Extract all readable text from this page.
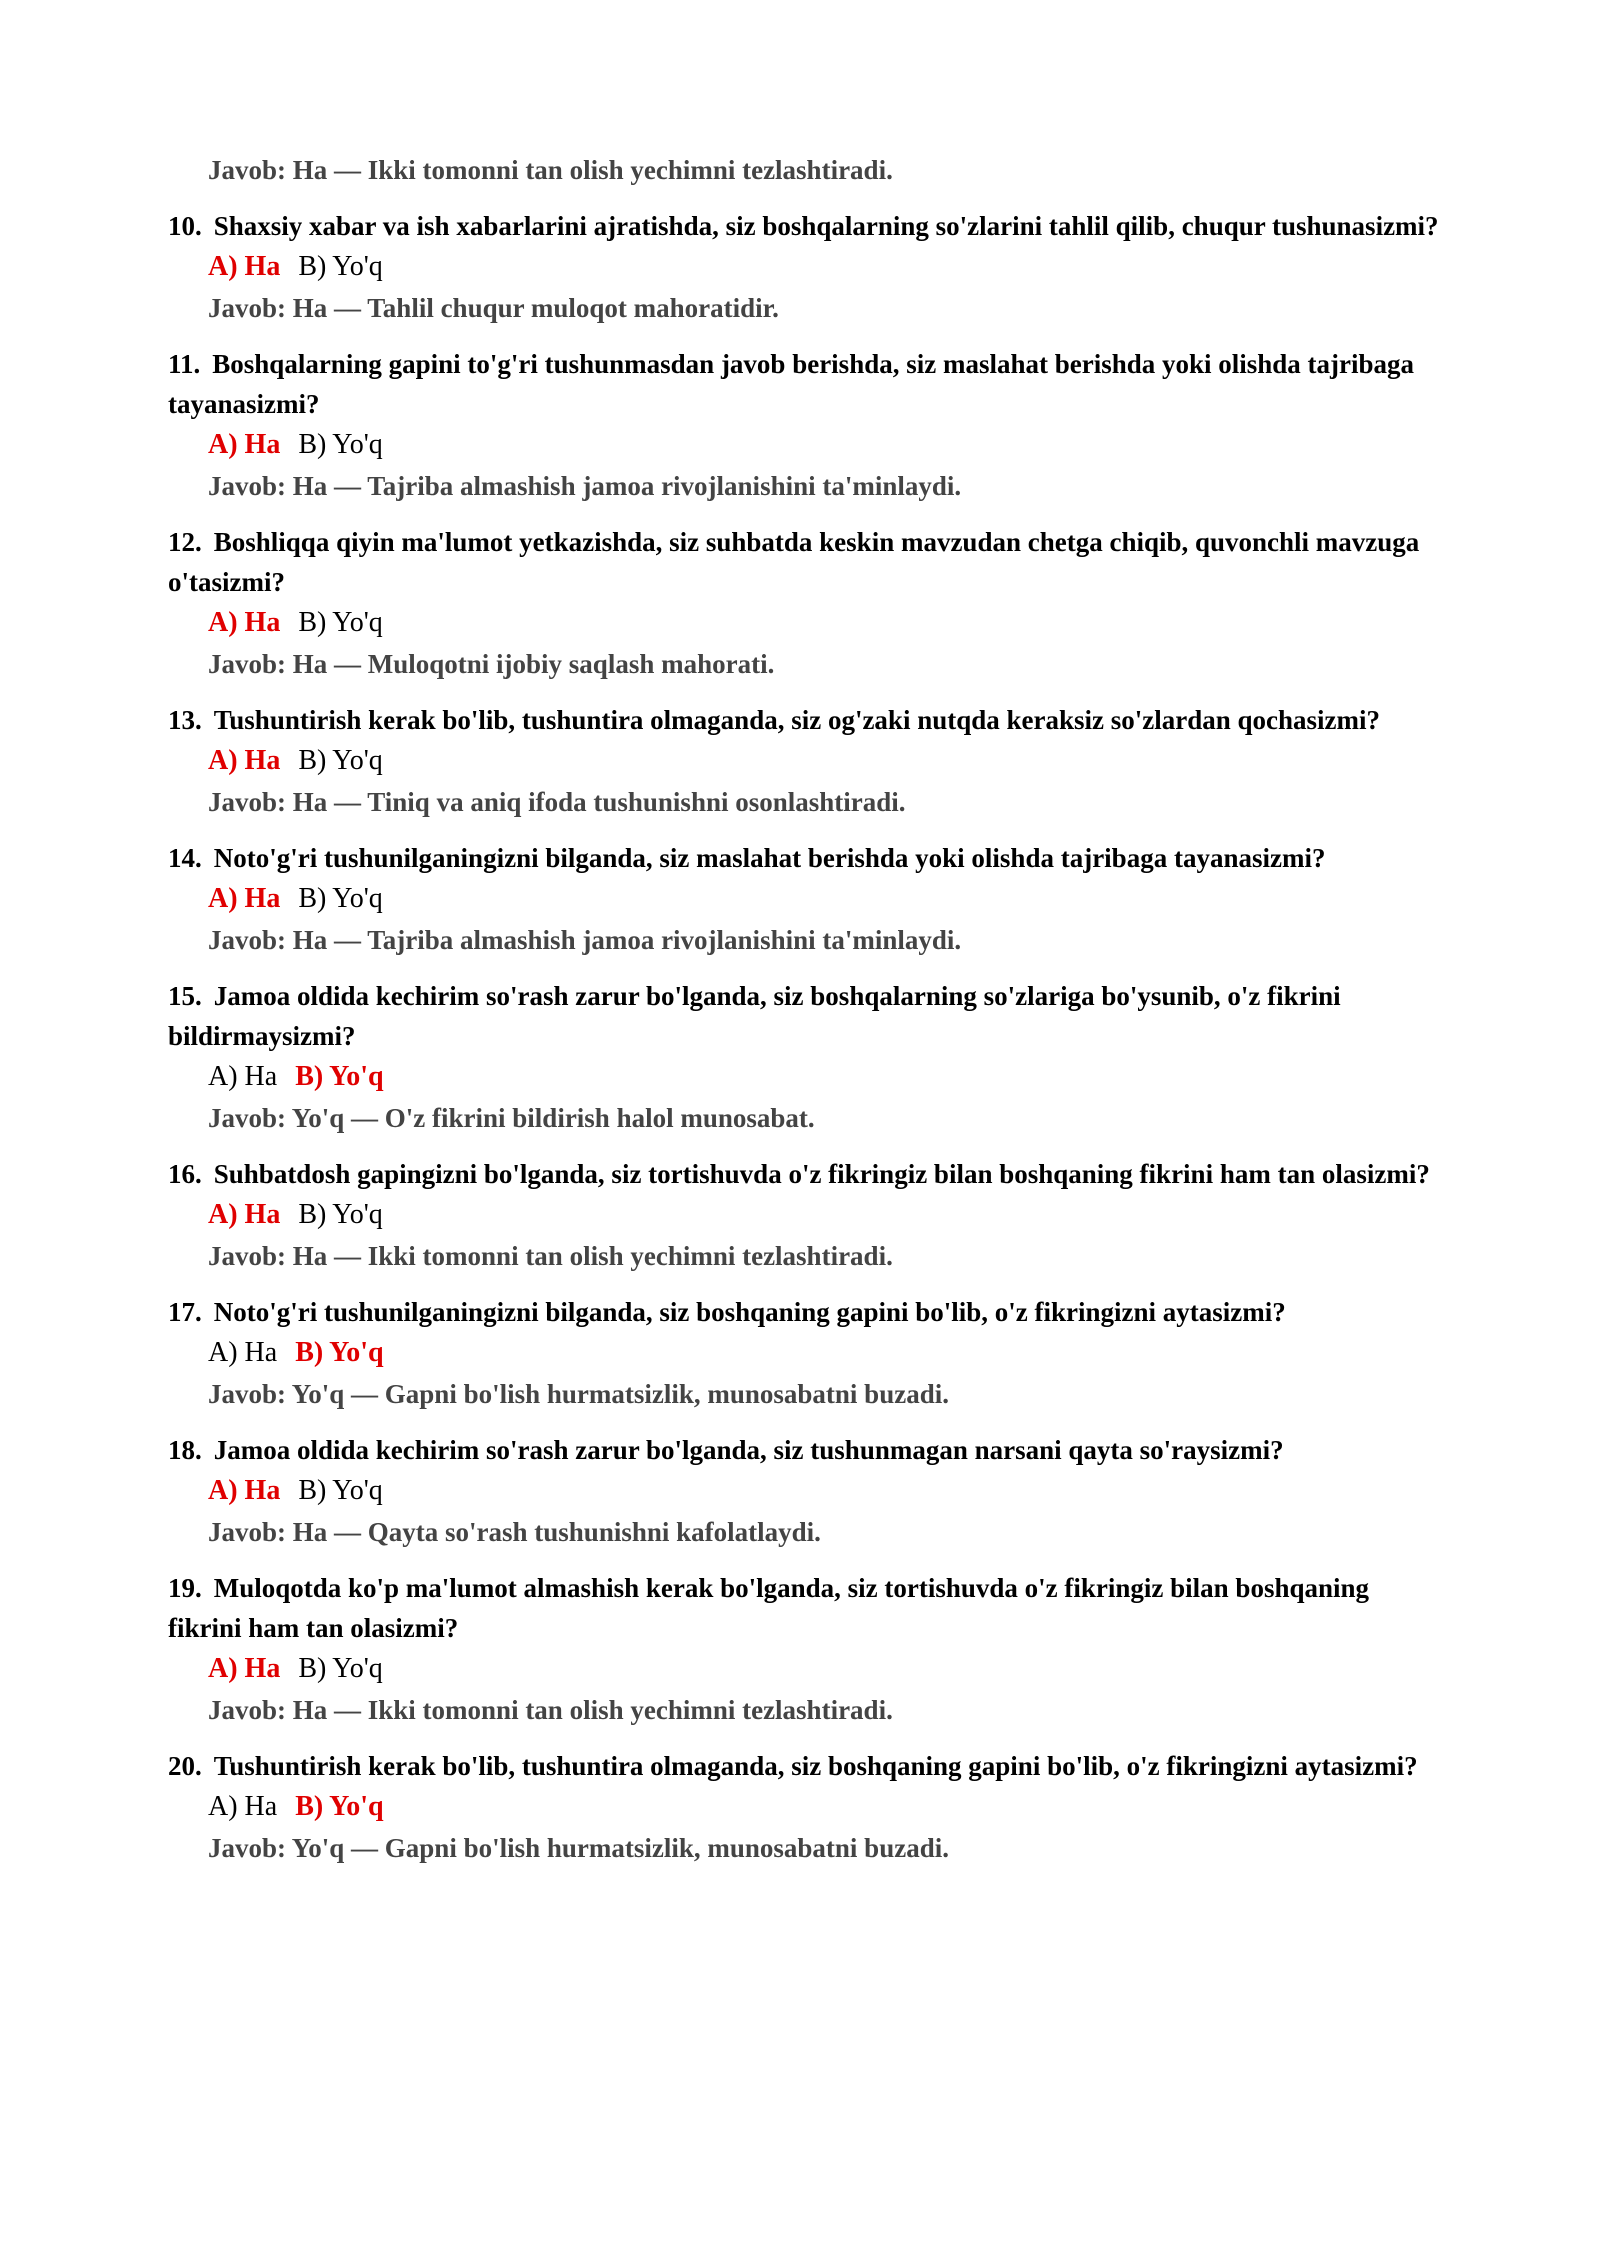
Javob: Ha — Ikki tomonni tan olish yechimni tezlashtiradi.
10. Shaxsiy xabar va ish xabarlarini ajratishda, siz boshqalarning so'zlarini tahlil qilib, chuqur tushunasizmi?
A) Ha B) Yo'q
Javob: Ha — Tahlil chuqur muloqot mahoratidir.
11. Boshqalarning gapini to'g'ri tushunmasdan javob berishda, siz maslahat berishda yoki olishda tajribaga tayanasizmi?
A) Ha B) Yo'q
Javob: Ha — Tajriba almashish jamoa rivojlanishini ta'minlaydi.
12. Boshliqqa qiyin ma'lumot yetkazishda, siz suhbatda keskin mavzudan chetga chiqib, quvonchli mavzuga o'tasizmi?
A) Ha B) Yo'q
Javob: Ha — Muloqotni ijobiy saqlash mahorati.
13. Tushuntirish kerak bo'lib, tushuntira olmaganda, siz og'zaki nutqda keraksiz so'zlardan qochasizmi?
A) Ha B) Yo'q
Javob: Ha — Tiniq va aniq ifoda tushunishni osonlashtiradi.
14. Noto'g'ri tushunilganingizni bilganda, siz maslahat berishda yoki olishda tajribaga tayanasizmi?
A) Ha B) Yo'q
Javob: Ha — Tajriba almashish jamoa rivojlanishini ta'minlaydi.
15. Jamoa oldida kechirim so'rash zarur bo'lganda, siz boshqalarning so'zlariga bo'ysunib, o'z fikrini bildirmaysizmi?
A) Ha B) Yo'q
Javob: Yo'q — O'z fikrini bildirish halol munosabat.
16. Suhbatdosh gapingizni bo'lganda, siz tortishuvda o'z fikringiz bilan boshqaning fikrini ham tan olasizmi?
A) Ha B) Yo'q
Javob: Ha — Ikki tomonni tan olish yechimni tezlashtiradi.
17. Noto'g'ri tushunilganingizni bilganda, siz boshqaning gapini bo'lib, o'z fikringizni aytasizmi?
A) Ha B) Yo'q
Javob: Yo'q — Gapni bo'lish hurmatsizlik, munosabatni buzadi.
18. Jamoa oldida kechirim so'rash zarur bo'lganda, siz tushunmagan narsani qayta so'raysizmi?
A) Ha B) Yo'q
Javob: Ha — Qayta so'rash tushunishni kafolatlaydi.
19. Muloqotda ko'p ma'lumot almashish kerak bo'lganda, siz tortishuvda o'z fikringiz bilan boshqaning fikrini ham tan olasizmi?
A) Ha B) Yo'q
Javob: Ha — Ikki tomonni tan olish yechimni tezlashtiradi.
20. Tushuntirish kerak bo'lib, tushuntira olmaganda, siz boshqaning gapini bo'lib, o'z fikringizni aytasizmi?
A) Ha B) Yo'q
Javob: Yo'q — Gapni bo'lish hurmatsizlik, munosabatni buzadi.
